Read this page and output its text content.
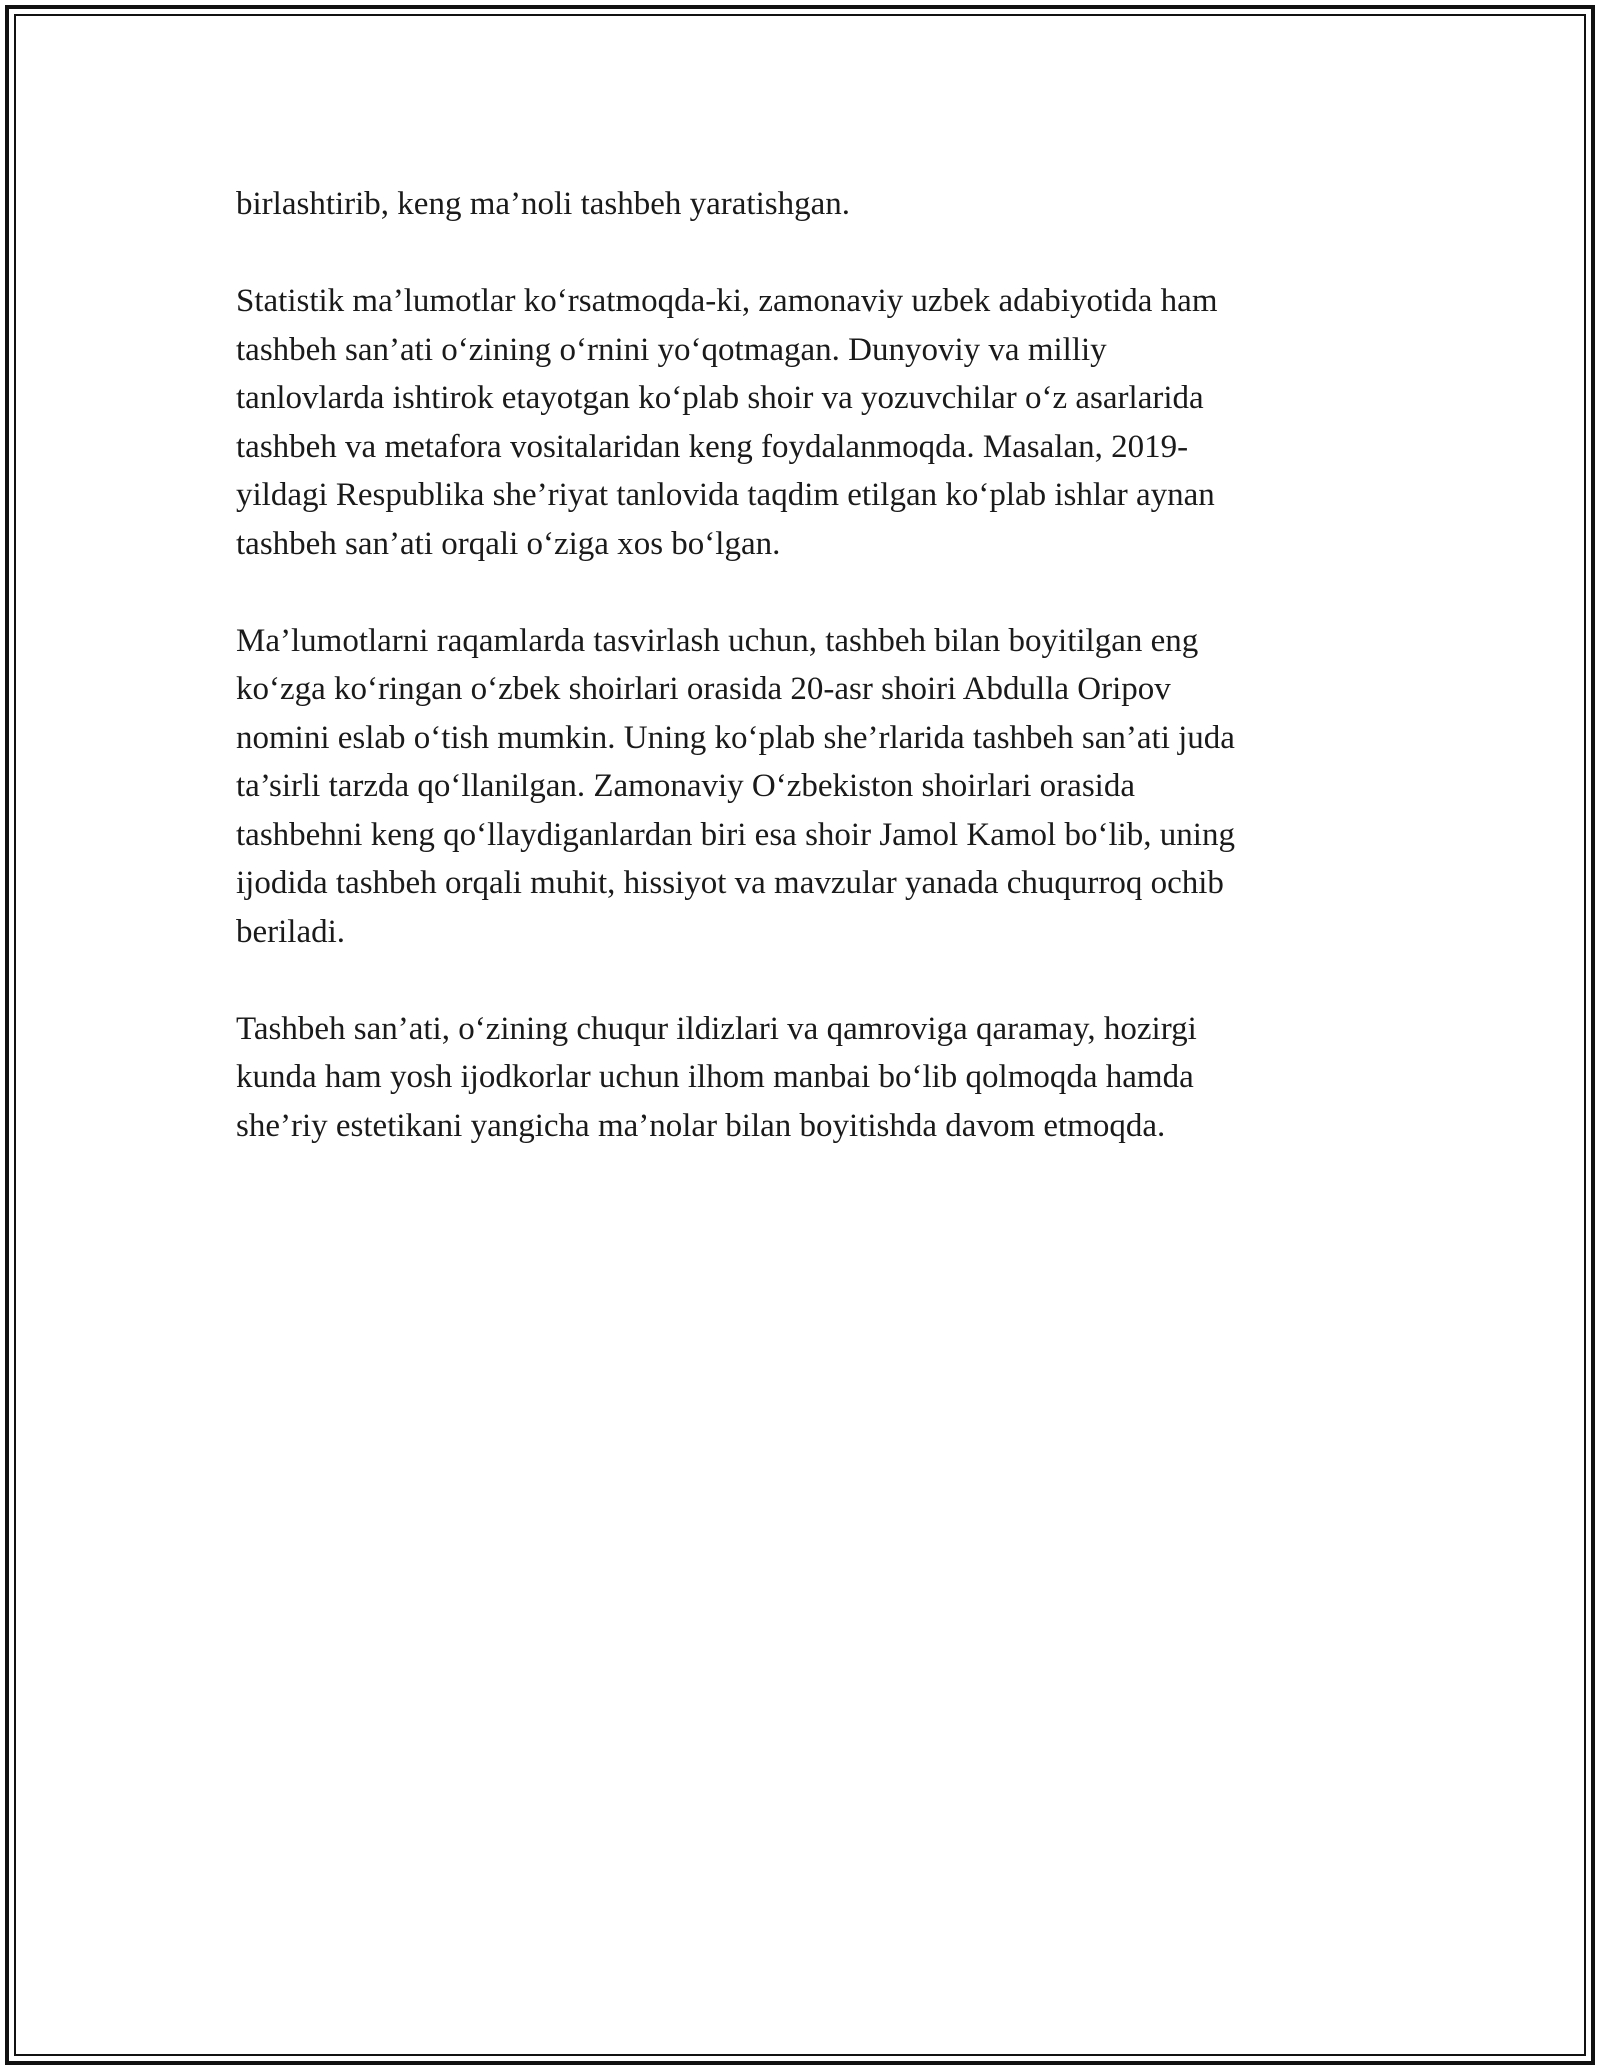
birlashtirib, keng ma’noli tashbeh yaratishgan.

Statistik ma’lumotlar ko‘rsatmoqda-ki, zamonaviy uzbek adabiyotida ham
tashbeh san’ati o‘zining o‘rnini yo‘qotmagan. Dunyoviy va milliy
tanlovlarda ishtirok etayotgan ko‘plab shoir va yozuvchilar o‘z asarlarida
tashbeh va metafora vositalaridan keng foydalanmoqda. Masalan, 2019-
yildagi Respublika she’riyat tanlovida taqdim etilgan ko‘plab ishlar aynan
tashbeh san’ati orqali o‘ziga xos bo‘lgan.

Ma’lumotlarni raqamlarda tasvirlash uchun, tashbeh bilan boyitilgan eng
ko‘zga ko‘ringan o‘zbek shoirlari orasida 20-asr shoiri Abdulla Oripov
nomini eslab o‘tish mumkin. Uning ko‘plab she’rlarida tashbeh san’ati juda
ta’sirli tarzda qo‘llanilgan. Zamonaviy O‘zbekiston shoirlari orasida
tashbehni keng qo‘llaydiganlardan biri esa shoir Jamol Kamol bo‘lib, uning
ijodida tashbeh orqali muhit, hissiyot va mavzular yanada chuqurroq ochib
beriladi.

Tashbeh san’ati, o‘zining chuqur ildizlari va qamroviga qaramay, hozirgi
kunda ham yosh ijodkorlar uchun ilhom manbai bo‘lib qolmoqda hamda
she’riy estetikani yangicha ma’nolar bilan boyitishda davom etmoqda.
